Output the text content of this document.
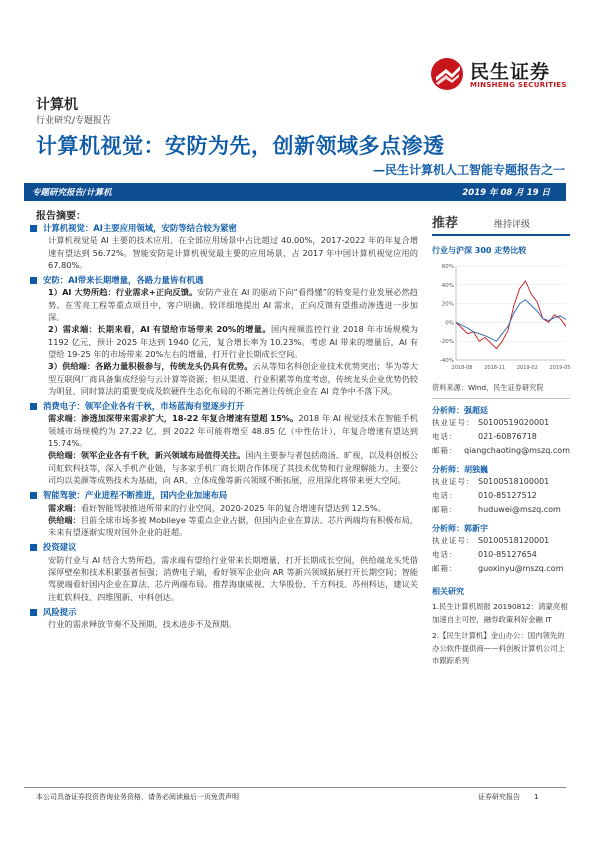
民生证券
MINSHENG SECURITIES
计算机
行业研究/专题报告
计算机视觉：安防为先，创新领域多点渗透
—民生计算机人工智能专题报告之一
专题研究报告/计算机	2019 年 08 月 19 日
报告摘要：
计算机视觉：AI主要应用领域，安防等结合较为紧密
计算机视觉是 AI 主要的技术应用，在全部应用场景中占比超过 40.00%，2017-2022 年的年复合增速有望达到 56.72%。智能安防是计算机视觉最主要的应用场景，占 2017 年中国计算机视觉应用的 67.80%。
安防：AI带来长期增量，各路力量皆有机遇
1）AI 大势所趋：行业需求+正向反馈。安防产业在 AI 的驱动下向“看得懂”的转变是行业发展必然趋势。在雪亮工程等重点项目中，客户明确、较详细地提出 AI 需求，正向反馈有望推动渗透进一步加深。
2）需求端：长期来看，AI 有望给市场带来 20%的增量。国内视频监控行业 2018 年市场规模为 1192 亿元，预计 2025 年达到 1940 亿元，复合增长率为 10.23%。考虑 AI 带来的增量后，AI 有望给 19-25 年的市场带来 20%左右的增量，打开行业长期成长空间。
3）供给端：各路力量积极参与，传统龙头仍具有优势。云从等知名科创企业技术优势突出；华为等大型互联网厂商具备集成经验与云计算等资源；但从渠道、行业积累等角度考虑，传统龙头企业优势仍较为明显，同时算法的重要变成及软硬件生态化布局的不断完善让传统企业在 AI 竞争中不落下风。
消费电子：领军企业各有千秋，市场蓝海有望逐步打开
需求端：渗透加深带来需求扩大，18-22 年复合增速有望超 15%。2018 年 AI 视觉技术在智能手机领域市场规模约为 27.22 亿，到 2022 年可能将增至 48.85 亿（中性估计），年复合增速有望达到 15.74%。
供给端：领军企业各有千秋，新兴领域布局值得关注。国内主要参与者包括商汤、旷视，以及科创板公司虹软科技等，深入手机产业链，与多家手机厂商长期合作体现了其技术优势和行业理解能力。主要公司均以美颜等成熟技术为基础，向 AR、立体成像等新兴领域不断拓展，应用深化将带来更大空间。
智能驾驶：产业进程不断推进，国内企业加速布局
需求端：看好智能驾驶推进所带来的行业空间，2020-2025 年的复合增速有望达到 12.5%。
供给端：目前全球市场多被 Mobileye 等重点企业占据，但国内企业在算法、芯片两端均有积极布局，未来有望逐渐实现对国外企业的赶超。
投资建议
安防行业与 AI 结合大势所趋，需求端有望给行业带来长期增量，打开长期成长空间，供给端龙头凭借深厚壁垒和技术积累强者恒强；消费电子端，看好领军企业向 AR 等新兴领域拓展打开长期空间；智能驾驶端看好国内企业在算法、芯片两端布局。推荐海康威视、大华股份、千方科技、苏州科达，建议关注虹软科技、四维图新、中科创达。
风险提示
行业的需求释放节奏不及预期，技术进步不及预期。
推荐	维持评级
行业与沪深 300 走势比较
60%
40%
20%
0%
-20%
-40%
2018-08 2018-11 2019-02 2019-05
资料来源：Wind，民生证券研究院
分析师：强超廷
执业证号： S0100519020001
电话：	021-60876718
邮箱： qiangchaoting@mszq.com
分析师：胡独巍
执业证号： S0100518100001
电话：	010-85127512
邮箱：	huduwei@mszq.com
分析师：郭新宇
执业证号： S0100518120001
电话：	010-85127654
邮箱：	guoxinyu@mszq.com
相关研究
1.民生计算机周报 20190812：鸿蒙亮相加速自主可控，融券政策利好金融 IT
2.【民生计算机】金山办公：国内领先的办公软件提供商——科创板计算机公司上市跟踪系列
本公司具备证券投资咨询业务资格，请务必阅读最后一页免责声明	证券研究报告　　1
